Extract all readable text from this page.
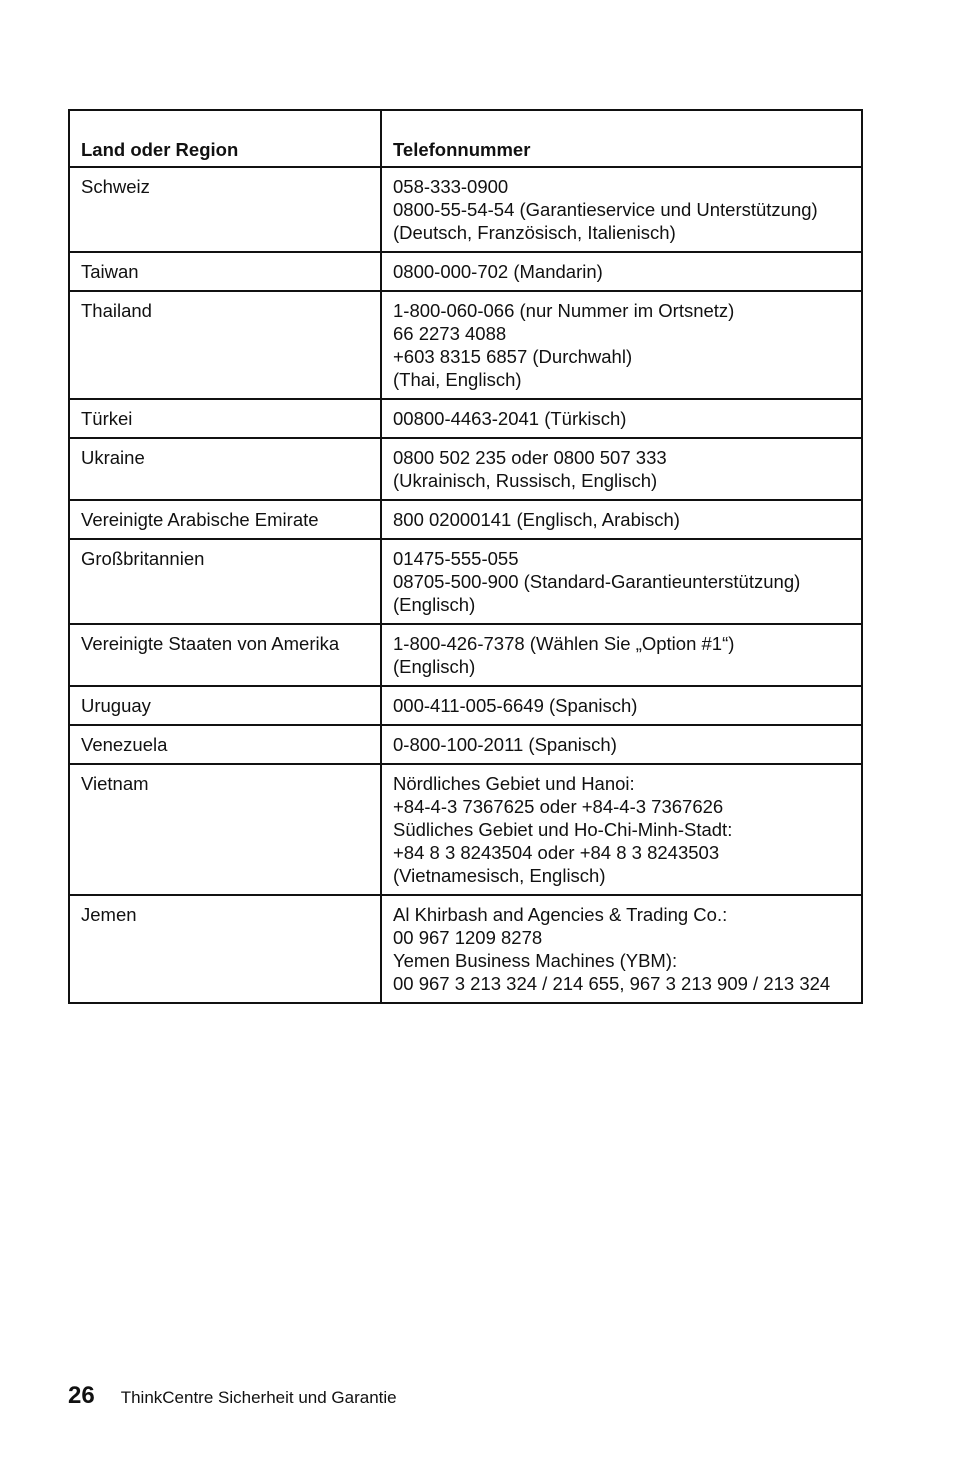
Land oder Region	Telefonnummer
Schweiz	058-333-0900
0800-55-54-54 (Garantieservice und Unterstützung)
(Deutsch, Französisch, Italienisch)

Taiwan	0800-000-702 (Mandarin)

Thailand	1-800-060-066 (nur Nummer im Ortsnetz)
66 2273 4088
+603 8315 6857 (Durchwahl)
(Thai, Englisch)

Türkei	00800-4463-2041 (Türkisch)

Ukraine	0800 502 235 oder 0800 507 333
(Ukrainisch, Russisch, Englisch)

Vereinigte Arabische Emirate	800 02000141 (Englisch, Arabisch)

Großbritannien	01475-555-055
08705-500-900 (Standard-Garantieunterstützung)
(Englisch)

Vereinigte Staaten von Amerika	1-800-426-7378 (Wählen Sie „Option #1“)
(Englisch)

Uruguay	000-411-005-6649 (Spanisch)

Venezuela	0-800-100-2011 (Spanisch)

Vietnam	Nördliches Gebiet und Hanoi:
+84-4-3 7367625 oder +84-4-3 7367626
Südliches Gebiet und Ho-Chi-Minh-Stadt:
+84 8 3 8243504 oder +84 8 3 8243503
(Vietnamesisch, Englisch)

Jemen	Al Khirbash and Agencies & Trading Co.:
00 967 1209 8278
Yemen Business Machines (YBM):
00 967 3 213 324 / 214 655, 967 3 213 909 / 213 324
26 ThinkCentre Sicherheit und Garantie
